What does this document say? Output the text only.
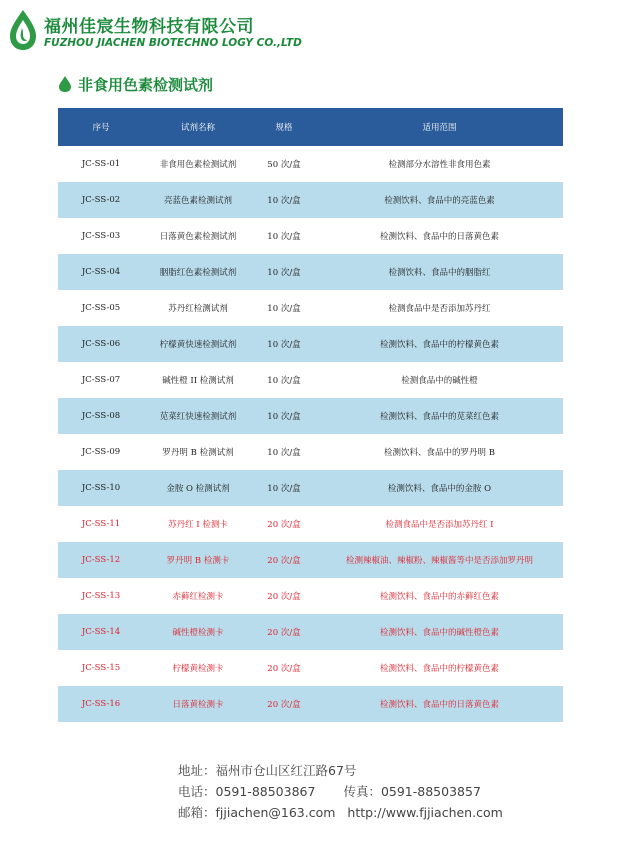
福州佳宸生物科技有限公司
FUZHOU JIACHEN BIOTECHNO LOGY CO.,LTD
非食用色素检测试剂
序号	试剂名称	规格	适用范围
JC-SS-01	非食用色素检测试剂	50 次/盒	检测部分水溶性非食用色素
JC-SS-02	亮蓝色素检测试剂	10 次/盒	检测饮料、食品中的亮蓝色素
JC-SS-03	日落黄色素检测试剂	10 次/盒	检测饮料、食品中的日落黄色素
JC-SS-04	胭脂红色素检测试剂	10 次/盒	检测饮料、食品中的胭脂红
JC-SS-05	苏丹红检测试剂	10 次/盒	检测食品中是否添加苏丹红
JC-SS-06	柠檬黄快速检测试剂	10 次/盒	检测饮料、食品中的柠檬黄色素
JC-SS-07	碱性橙 II 检测试剂	10 次/盒	检测食品中的碱性橙
JC-SS-08	苋菜红快速检测试剂	10 次/盒	检测饮料、食品中的苋菜红色素
JC-SS-09	罗丹明 B 检测试剂	10 次/盒	检测饮料、食品中的罗丹明 B
JC-SS-10	金胺 O 检测试剂	10 次/盒	检测饮料、食品中的金胺 O
JC-SS-11	苏丹红 I 检测卡	20 次/盒	检测食品中是否添加苏丹红 I
JC-SS-12	罗丹明 B 检测卡	20 次/盒	检测辣椒油、辣椒粉、辣椒酱等中是否添加罗丹明
JC-SS-13	赤藓红检测卡	20 次/盒	检测饮料、食品中的赤藓红色素
JC-SS-14	碱性橙检测卡	20 次/盒	检测饮料、食品中的碱性橙色素
JC-SS-15	柠檬黄检测卡	20 次/盒	检测饮料、食品中的柠檬黄色素
JC-SS-16	日落黄检测卡	20 次/盒	检测饮料、食品中的日落黄色素
地址：福州市仓山区红江路67号
电话：0591-88503867 传真：0591-88503857
邮箱：fjjiachen@163.com http://www.fjjiachen.com
